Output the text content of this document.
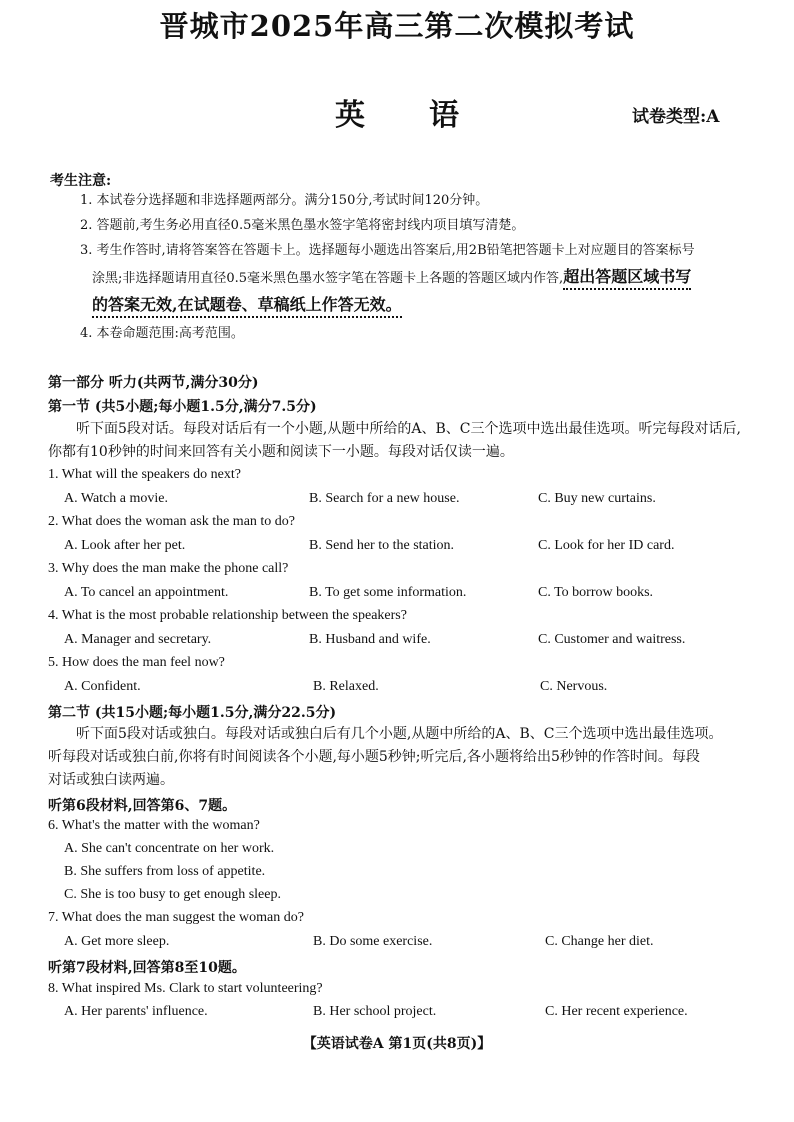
晋城市2025年高三第二次模拟考试
英 语	试卷类型:A
考生注意:
1. 本试卷分选择题和非选择题两部分。满分150分,考试时间120分钟。
2. 答题前,考生务必用直径0.5毫米黑色墨水签字笔将密封线内项目填写清楚。
3. 考生作答时,请将答案答在答题卡上。选择题每小题选出答案后,用2B铅笔把答题卡上对应题目的答案标号
涂黑;非选择题请用直径0.5毫米黑色墨水签字笔在答题卡上各题的答题区域内作答,超出答题区域书写
的答案无效,在试题卷、草稿纸上作答无效。
4. 本卷命题范围:高考范围。
第一部分 听力(共两节,满分30分)
第一节 (共5小题;每小题1.5分,满分7.5分)
听下面5段对话。每段对话后有一个小题,从题中所给的A、B、C三个选项中选出最佳选项。听完每段对话后,
你都有10秒钟的时间来回答有关小题和阅读下一小题。每段对话仅读一遍。
1. What will the speakers do next?
A. Watch a movie.	B. Search for a new house.	C. Buy new curtains.
2. What does the woman ask the man to do?
A. Look after her pet.	B. Send her to the station.	C. Look for her ID card.
3. Why does the man make the phone call?
A. To cancel an appointment.	B. To get some information.	C. To borrow books.
4. What is the most probable relationship between the speakers?
A. Manager and secretary.	B. Husband and wife.	C. Customer and waitress.
5. How does the man feel now?
A. Confident.	B. Relaxed.	C. Nervous.
第二节 (共15小题;每小题1.5分,满分22.5分)
听下面5段对话或独白。每段对话或独白后有几个小题,从题中所给的A、B、C三个选项中选出最佳选项。
听每段对话或独白前,你将有时间阅读各个小题,每小题5秒钟;听完后,各小题将给出5秒钟的作答时间。每段
对话或独白读两遍。
听第6段材料,回答第6、7题。
6. What's the matter with the woman?
A. She can't concentrate on her work.
B. She suffers from loss of appetite.
C. She is too busy to get enough sleep.
7. What does the man suggest the woman do?
A. Get more sleep.	B. Do some exercise.	C. Change her diet.
听第7段材料,回答第8至10题。
8. What inspired Ms. Clark to start volunteering?
A. Her parents' influence.	B. Her school project.	C. Her recent experience.
【英语试卷A 第1页(共8页)】
